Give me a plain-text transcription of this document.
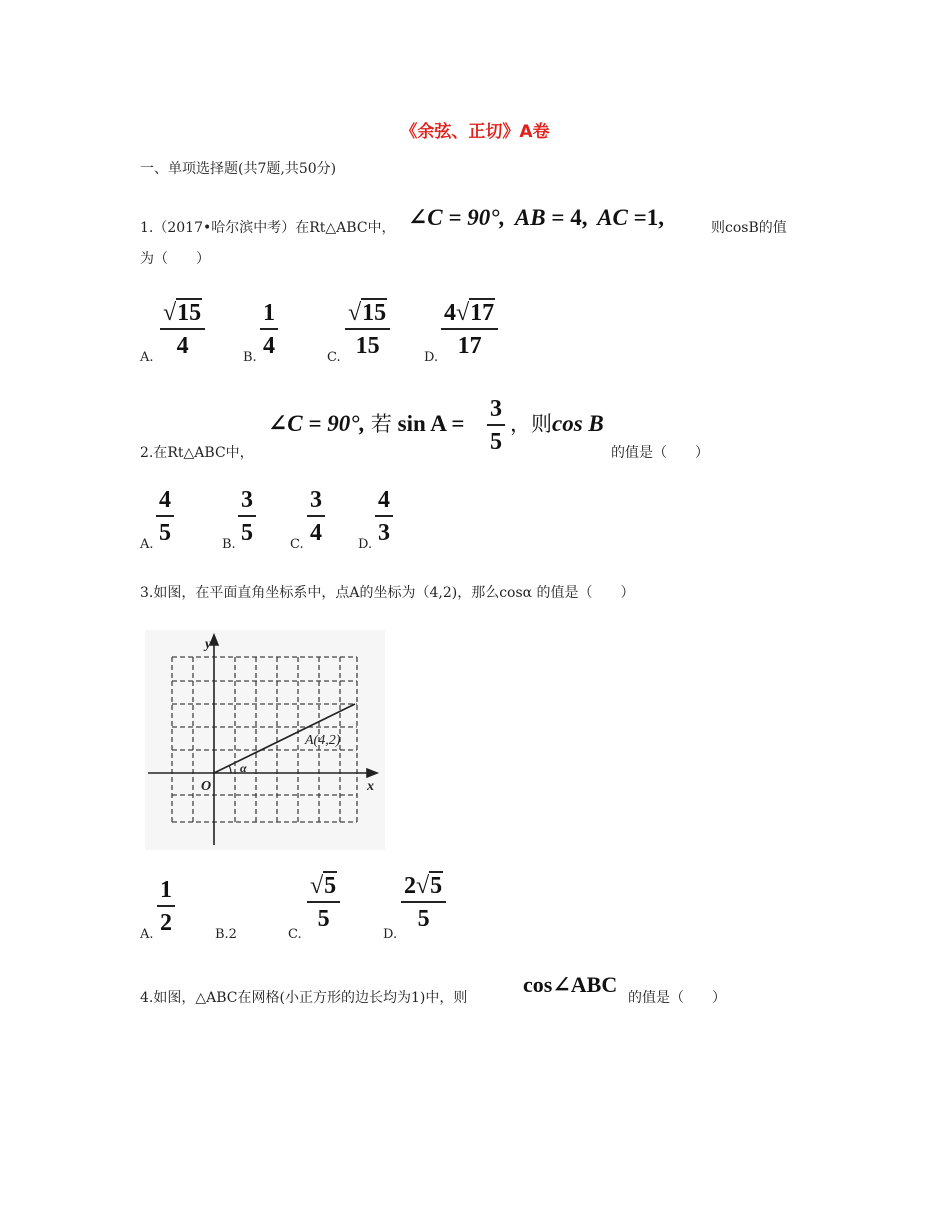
《余弦、正切》A卷
一、单项选择题(共7题,共50分)
1.（2017•哈尔滨中考）在Rt△ABC中， ∠C = 90°, AB = 4, AC =1,	则cosB的值
为（　　）
A. $\frac{√15}{4}$	B. $\frac{1}{4}$	C. $\frac{√15}{15}$	D. $\frac{4√17}{17}$
2.在Rt△ABC中，
∠C = 90°, 若 $\sin A = \frac{3}{5}$ ，则cos B
的值是（　　）
A. $\frac{4}{5}$	B. $\frac{3}{5}$	C. $\frac{3}{4}$	D. $\frac{4}{3}$
3.如图，在平面直角坐标系中，点A的坐标为（4,2)，那么cosα 的值是（　　）
y
x
O
A(4,2)
α
A. $\frac{1}{2}$	B.2	C.
$\frac{√5}{5}$
D.
$\frac{2√5}{5}$
4.如图，△ABC在网格(小正方形的边长均为1)中，则
cos∠ABC
的值是（　　）
